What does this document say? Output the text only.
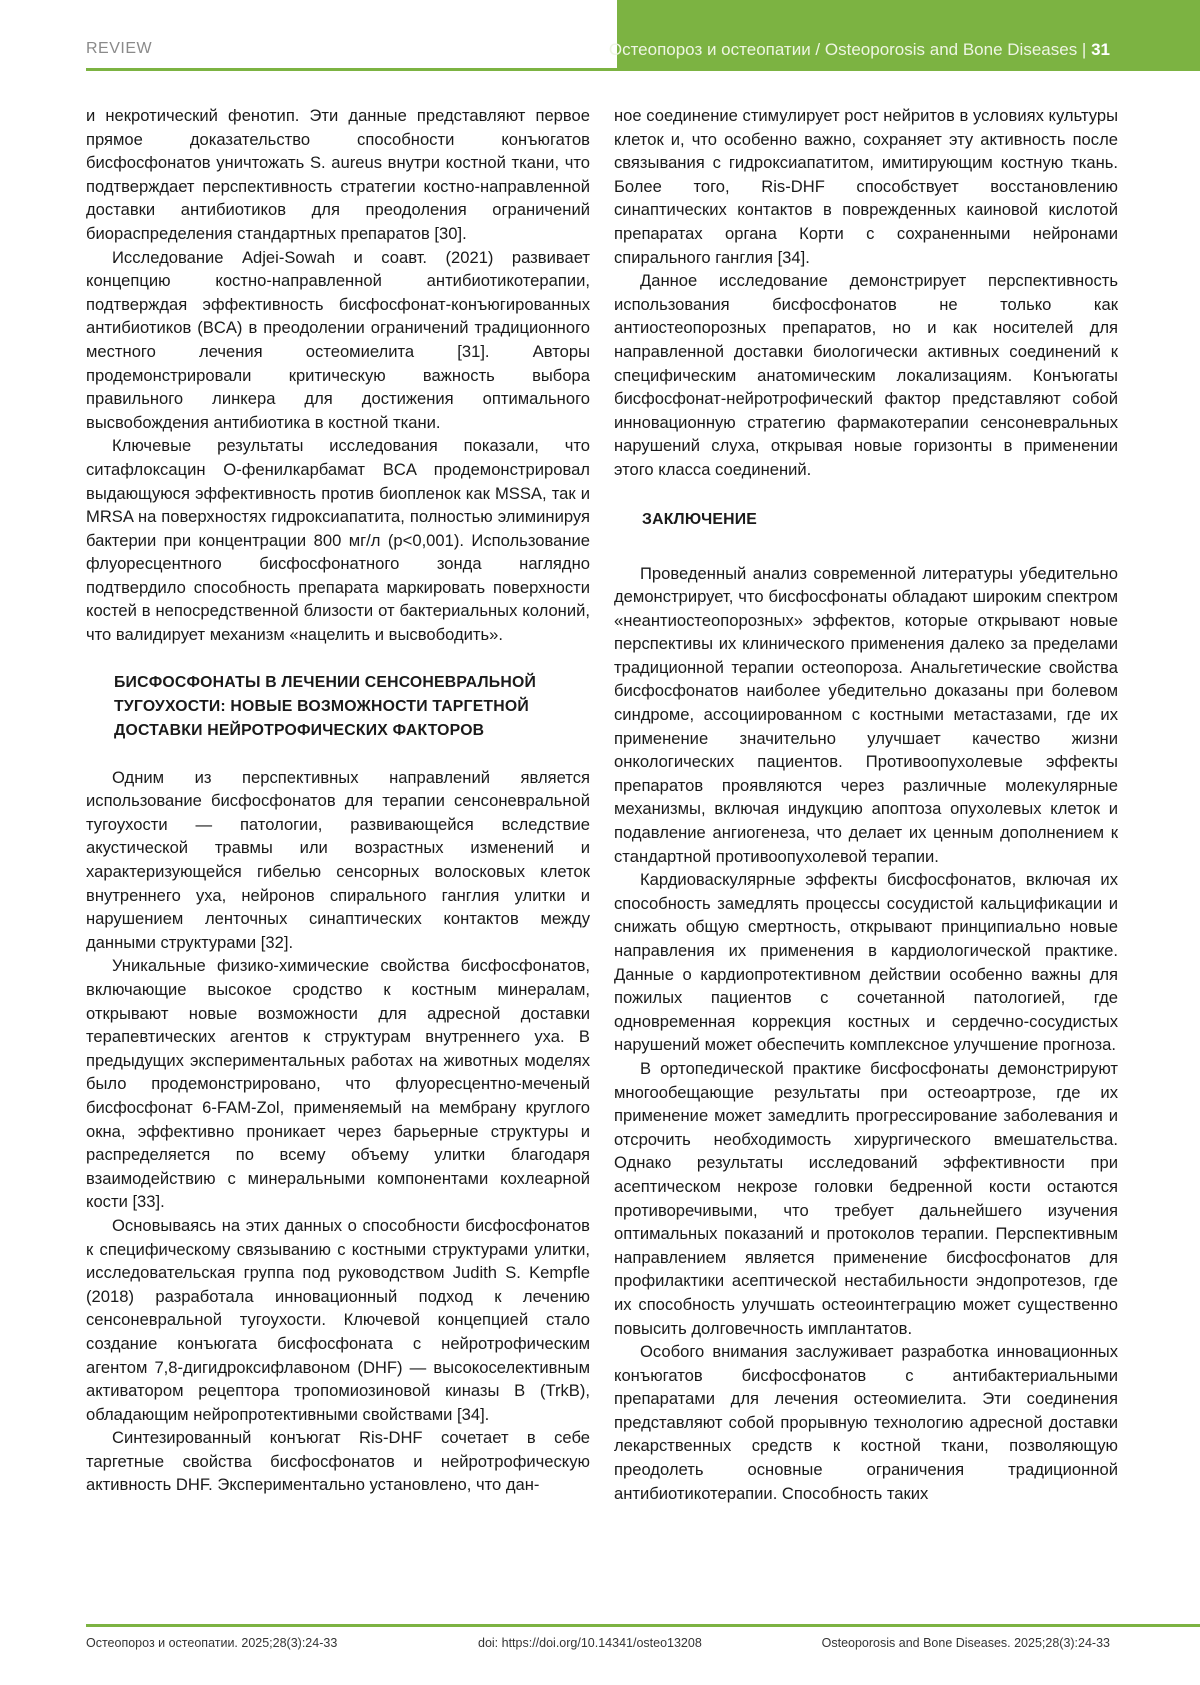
REVIEW	Остеопороз и остеопатии / Osteoporosis and Bone Diseases | 31

и некротический фенотип. Эти данные представляют первое прямое доказательство способности конъюгатов бисфосфонатов уничтожать S. aureus внутри костной ткани, что подтверждает перспективность стратегии костно-направленной доставки антибиотиков для преодоления ограничений биораспределения стандартных препаратов [30].

Исследование Adjei-Sowah и соавт. (2021) развивает концепцию костно-направленной антибиотикотерапии, подтверждая эффективность бисфосфонат-конъюгированных антибиотиков (BCA) в преодолении ограничений традиционного местного лечения остеомиелита [31]. Авторы продемонстрировали критическую важность выбора правильного линкера для достижения оптимального высвобождения антибиотика в костной ткани.

Ключевые результаты исследования показали, что ситафлоксацин O-фенилкарбамат BCA продемонстрировал выдающуюся эффективность против биопленок как MSSA, так и MRSA на поверхностях гидроксиапатита, полностью элиминируя бактерии при концентрации 800 мг/л (p<0,001). Использование флуоресцентного бисфосфонатного зонда наглядно подтвердило способность препарата маркировать поверхности костей в непосредственной близости от бактериальных колоний, что валидирует механизм «нацелить и высвободить».

БИСФОСФОНАТЫ В ЛЕЧЕНИИ СЕНСОНЕВРАЛЬНОЙ ТУГОУХОСТИ: НОВЫЕ ВОЗМОЖНОСТИ ТАРГЕТНОЙ ДОСТАВКИ НЕЙРОТРОФИЧЕСКИХ ФАКТОРОВ

Одним из перспективных направлений является использование бисфосфонатов для терапии сенсоневральной тугоухости — патологии, развивающейся вследствие акустической травмы или возрастных изменений и характеризующейся гибелью сенсорных волосковых клеток внутреннего уха, нейронов спирального ганглия улитки и нарушением ленточных синаптических контактов между данными структурами [32].

Уникальные физико-химические свойства бисфосфонатов, включающие высокое сродство к костным минералам, открывают новые возможности для адресной доставки терапевтических агентов к структурам внутреннего уха. В предыдущих экспериментальных работах на животных моделях было продемонстрировано, что флуоресцентно-меченый бисфосфонат 6-FAM-Zol, применяемый на мембрану круглого окна, эффективно проникает через барьерные структуры и распределяется по всему объему улитки благодаря взаимодействию с минеральными компонентами кохлеарной кости [33].

Основываясь на этих данных о способности бисфосфонатов к специфическому связыванию с костными структурами улитки, исследовательская группа под руководством Judith S. Kempfle (2018) разработала инновационный подход к лечению сенсоневральной тугоухости. Ключевой концепцией стало создание конъюгата бисфосфоната с нейротрофическим агентом 7,8-дигидроксифлавоном (DHF) — высокоселективным активатором рецептора тропомиозиновой киназы B (TrkB), обладающим нейропротективными свойствами [34].

Синтезированный конъюгат Ris-DHF сочетает в себе таргетные свойства бисфосфонатов и нейротрофическую активность DHF. Экспериментально установлено, что дан-

ное соединение стимулирует рост нейритов в условиях культуры клеток и, что особенно важно, сохраняет эту активность после связывания с гидроксиапатитом, имитирующим костную ткань. Более того, Ris-DHF способствует восстановлению синаптических контактов в поврежденных каиновой кислотой препаратах органа Корти с сохраненными нейронами спирального ганглия [34].

Данное исследование демонстрирует перспективность использования бисфосфонатов не только как антиостеопорозных препаратов, но и как носителей для направленной доставки биологически активных соединений к специфическим анатомическим локализациям. Конъюгаты бисфосфонат-нейротрофический фактор представляют собой инновационную стратегию фармакотерапии сенсоневральных нарушений слуха, открывая новые горизонты в применении этого класса соединений.

ЗАКЛЮЧЕНИЕ

Проведенный анализ современной литературы убедительно демонстрирует, что бисфосфонаты обладают широким спектром «неантиостеопорозных» эффектов, которые открывают новые перспективы их клинического применения далеко за пределами традиционной терапии остеопороза. Анальгетические свойства бисфосфонатов наиболее убедительно доказаны при болевом синдроме, ассоциированном с костными метастазами, где их применение значительно улучшает качество жизни онкологических пациентов. Противоопухолевые эффекты препаратов проявляются через различные молекулярные механизмы, включая индукцию апоптоза опухолевых клеток и подавление ангиогенеза, что делает их ценным дополнением к стандартной противоопухолевой терапии.

Кардиоваскулярные эффекты бисфосфонатов, включая их способность замедлять процессы сосудистой кальцификации и снижать общую смертность, открывают принципиально новые направления их применения в кардиологической практике. Данные о кардиопротективном действии особенно важны для пожилых пациентов с сочетанной патологией, где одновременная коррекция костных и сердечно-сосудистых нарушений может обеспечить комплексное улучшение прогноза.

В ортопедической практике бисфосфонаты демонстрируют многообещающие результаты при остеоартрозе, где их применение может замедлить прогрессирование заболевания и отсрочить необходимость хирургического вмешательства. Однако результаты исследований эффективности при асептическом некрозе головки бедренной кости остаются противоречивыми, что требует дальнейшего изучения оптимальных показаний и протоколов терапии. Перспективным направлением является применение бисфосфонатов для профилактики асептической нестабильности эндопротезов, где их способность улучшать остеоинтеграцию может существенно повысить долговечность имплантатов.

Особого внимания заслуживает разработка инновационных конъюгатов бисфосфонатов с антибактериальными препаратами для лечения остеомиелита. Эти соединения представляют собой прорывную технологию адресной доставки лекарственных средств к костной ткани, позволяющую преодолеть основные ограничения традиционной антибиотикотерапии. Способность таких

Остеопороз и остеопатии. 2025;28(3):24-33	doi: https://doi.org/10.14341/osteo13208	Osteoporosis and Bone Diseases. 2025;28(3):24-33
